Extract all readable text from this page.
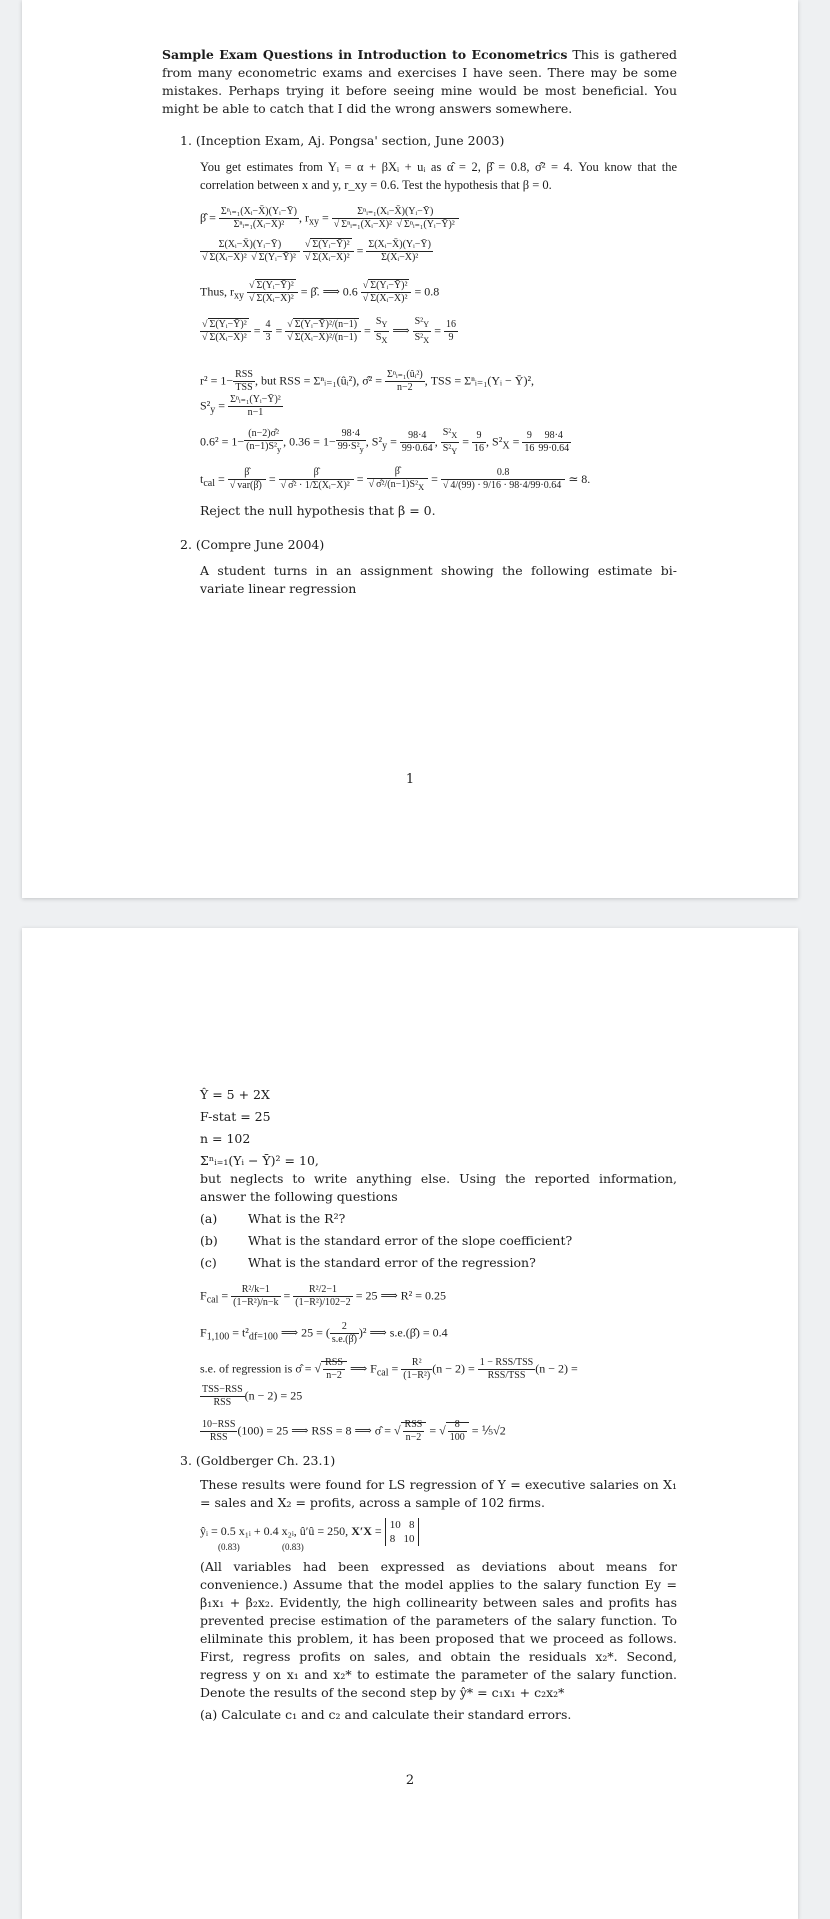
Sample Exam Questions in Introduction to Econometrics This is gathered from many econometric exams and exercises I have seen. There may be some mistakes. Perhaps trying it before seeing mine would be most beneficial. You might be able to catch that I did the wrong answers somewhere.
1. (Inception Exam, Aj. Pongsa' section, June 2003)
You get estimates from Yᵢ = α + βXᵢ + uᵢ as α̂ = 2, β̂ = 0.8, σ̂² = 4. You know that the correlation between x and y, r_xy = 0.6. Test the hypothesis that β = 0.
β̂ = $\frac{\text{Σⁿᵢ₌₁(Xᵢ−X̄)(Yᵢ−Ȳ)}}{\text{Σⁿᵢ₌₁(Xᵢ−X̄)²}}$ , $r_{xy} = \frac{\text{Σⁿᵢ₌₁(Xᵢ−X̄)(Yᵢ−Ȳ)}}{\text{√ Σⁿᵢ₌₁(Xᵢ−X̄)² √ Σⁿᵢ₌₁(Yᵢ−Ȳ)²}}$
$\frac{\text{Σ(Xᵢ−X̄)(Yᵢ−Ȳ)}}{\text{√ Σ(Xᵢ−X̄)² √ Σ(Yᵢ−Ȳ)²}}$
$\frac{\text{√ Σ(Yᵢ−Ȳ)²}}{\text{√ Σ(Xᵢ−X̄)²}} = \frac{\text{Σ(Xᵢ−X̄)(Yᵢ−Ȳ)}}{\text{Σ(Xᵢ−X̄)²}}$
Thus, $r_{xy} \frac{\text{√ Σ(Yᵢ−Ȳ)²}}{\text{√ Σ(Xᵢ−X̄)²}}$ = β̂. ⟹ $0.6 \frac{\text{√ Σ(Yᵢ−Ȳ)²}}{\text{√ Σ(Xᵢ−X̄)²}} = 0.8$
$\frac{\text{√ Σ(Yᵢ−Ȳ)²}}{\text{√ Σ(Xᵢ−X̄)²}} = \frac{4}{3} = \frac{\text{√ Σ(Yᵢ−Ȳ)²/(n−1)}}{\text{√ Σ(Xᵢ−X̄)²/(n−1)}} = \frac{S_Y}{S_X}$ ⟹ $\frac{S^2_Y}{S^2_X} = \frac{16}{9}$
$r^2 = 1- \frac{\text{RSS}}{\text{TSS}}$ , but RSS = Σⁿᵢ₌₁(ûᵢ²), σ̂² = $\frac{\text{Σⁿᵢ₌₁(ûᵢ²)}}{n-2}$ , TSS = Σⁿᵢ₌₁(Yᵢ − Ȳ)²,
$S^2_y = \frac{\text{Σⁿᵢ₌₁(Yᵢ−Ȳ)²}}{n-1}$
$0.6^2 = 1- \frac{\text{(n−2)σ̂²}}{(n-1)S^2_y}$ , $0.36 = 1- \frac{98\cdot 4}{99\cdot S^2_y}$ , $S^2_y = \frac{98\cdot 4}{99\cdot 0.64}$ , $\frac{S^2_X}{S^2_Y} = \frac{9}{16}$ , $S^2_X = \frac{9}{16} \frac{98\cdot 4}{99\cdot 0.64}$
$t_{cal} = \frac{\betâ}{\text{√ var(β̂)}} = \frac{\betâ}{\text{√ σ̂² · 1/Σ(Xᵢ−X̄)²}} = \frac{\betâ}{√ \sigmâ^2/(n-1)S^2_X} = \frac{0.8}{√ 4/(99) \cdot 9/16 \cdot 98\cdot 4/99\cdot 0.64}$ ≃ 8.
Reject the null hypothesis that β = 0.
2. (Compre June 2004)
A student turns in an assignment showing the following estimate bi-variate linear regression
1
Ŷ = 5 + 2X
F-stat = 25
n = 102
Σⁿᵢ₌₁(Yᵢ − Ȳ)² = 10,
but neglects to write anything else. Using the reported information, answer the following questions
(a)	What is the R²?
(b)	What is the standard error of the slope coefficient?
(c)	What is the standard error of the regression?
$F_{cal} = \frac{\text{R²/k−1}}{\text{(1−R²)/n−k}} = \frac{\text{R²/2−1}}{\text{(1−R²)/102−2}} = 25$ ⟹ R² = 0.25
$F_{1,100} = t^2_{df=100}$ ⟹ 25 = ( $\frac{2}{s.e.(\betâ)} )^2$ ⟹ s.e.(β̂) = 0.4
s.e. of regression is σ̂ = √ $\frac{\text{RSS}}{n-2}$ ⟹ $F_{cal} = \frac{\text{R²}}{\text{(1−R²)}} (n - 2) = \frac{\text{1 − RSS/TSS}}{\text{RSS/TSS}} (n - 2)$ =
$\frac{\text{TSS−RSS}}{\text{RSS}} (n - 2) = 25$
$\frac{\text{10−RSS}}{\text{RSS}} (100) = 25$ ⟹ RSS = 8 ⟹ σ̂ = √ $\frac{\text{RSS}}{n-2}$ = √ $\frac{8}{100}$ = ⅕√2
3. (Goldberger Ch. 23.1)
These results were found for LS regression of Y = executive salaries on X₁ = sales and X₂ = profits, across a sample of 102 firms.
ŷᵢ = 0.5 x₁ᵢ + 0.4 x₂ᵢ, û′û = 250, X′X = 10 8
8 10
(0.83)	(0.83)
(All variables had been expressed as deviations about means for convenience.) Assume that the model applies to the salary function Ey = β₁x₁ + β₂x₂. Evidently, the high collinearity between sales and profits has prevented precise estimation of the parameters of the salary function. To elilminate this problem, it has been proposed that we proceed as follows. First, regress profits on sales, and obtain the residuals x₂*. Second, regress y on x₁ and x₂* to estimate the parameter of the salary function. Denote the results of the second step by ŷ* = c₁x₁ + c₂x₂*
(a) Calculate c₁ and c₂ and calculate their standard errors.
2
